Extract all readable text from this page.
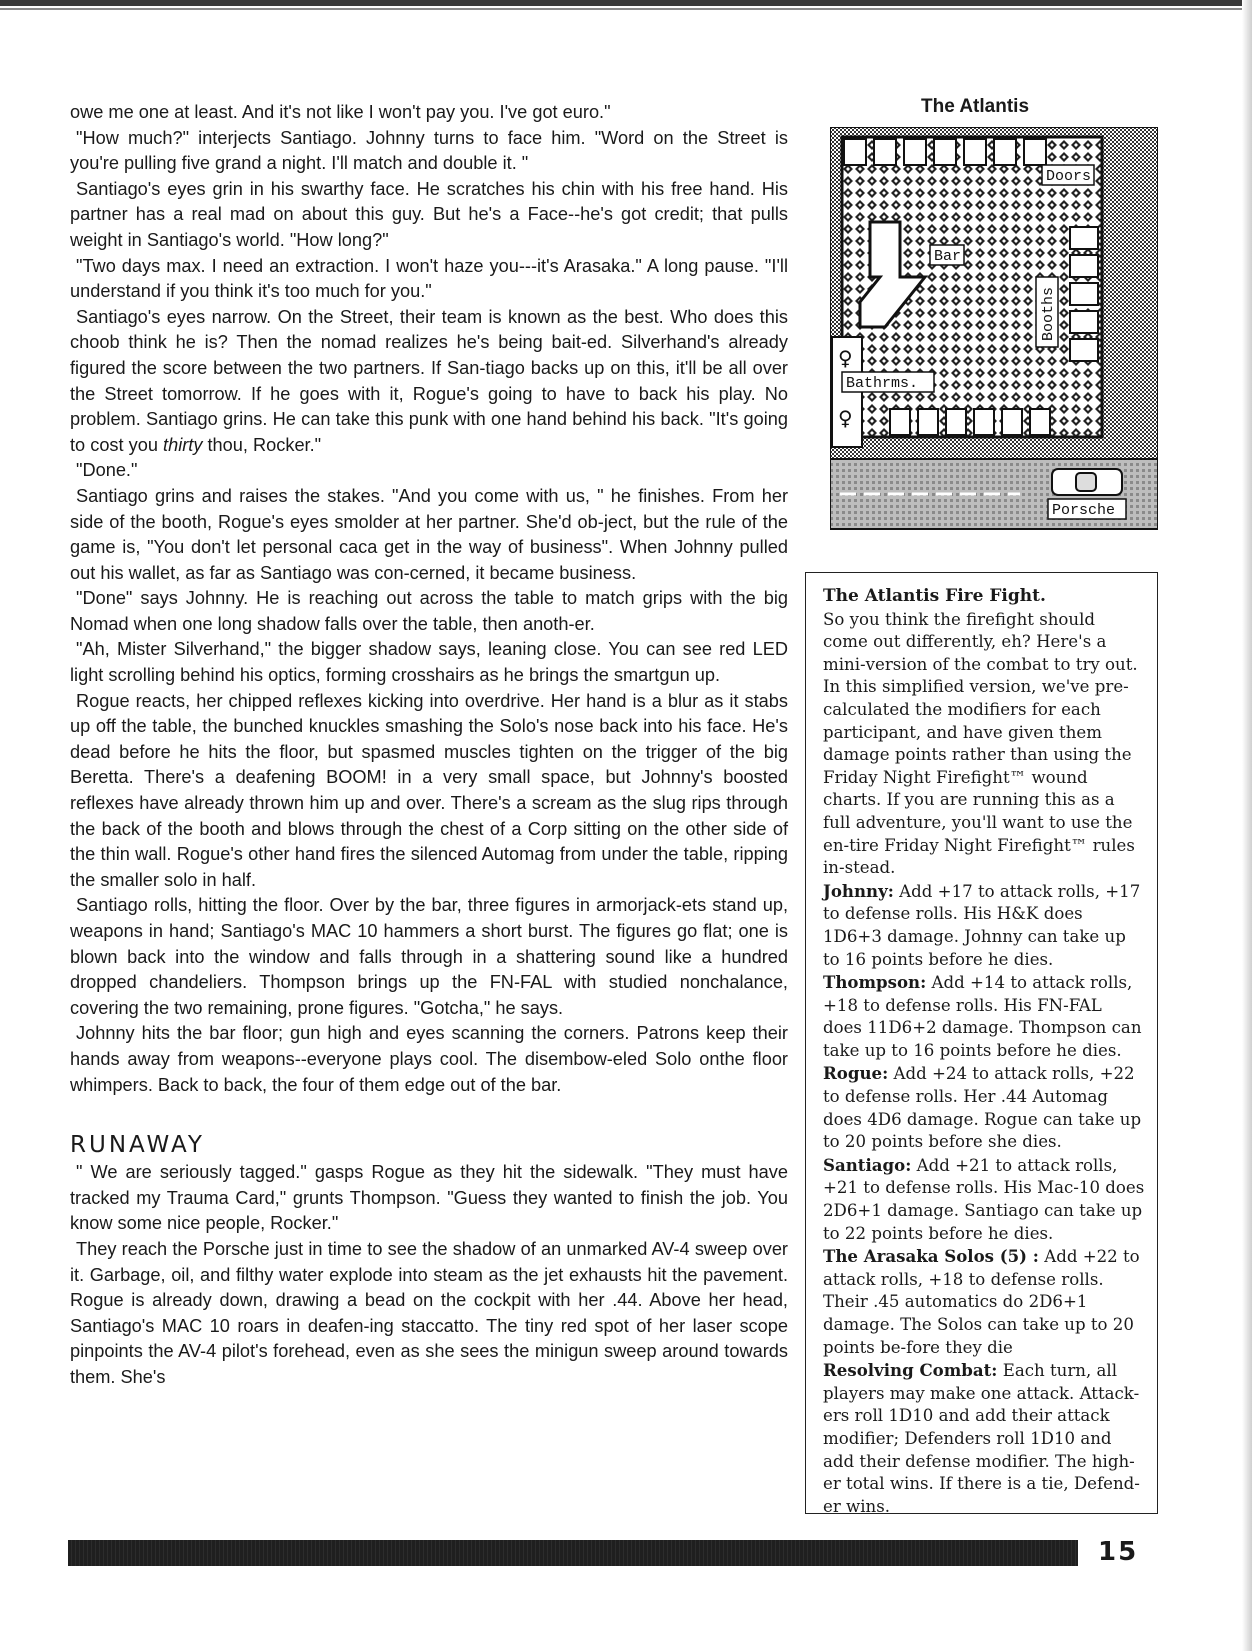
owe me one at least. And it's not like I won't pay you. I've got euro."

"How much?" interjects Santiago. Johnny turns to face him. "Word on the Street is you're pulling five grand a night. I'll match and double it. "

Santiago's eyes grin in his swarthy face. He scratches his chin with his free hand. His partner has a real mad on about this guy. But he's a Face--he's got credit; that pulls weight in Santiago's world. "How long?"

"Two days max. I need an extraction. I won't haze you---it's Arasaka." A long pause. "I'll understand if you think it's too much for you."

Santiago's eyes narrow. On the Street, their team is known as the best. Who does this choob think he is? Then the nomad realizes he's being bait-ed. Silverhand's already figured the score between the two partners. If San-tiago backs up on this, it'll be all over the Street tomorrow. If he goes with it, Rogue's going to have to back his play. No problem. Santiago grins. He can take this punk with one hand behind his back. "It's going to cost you thirty thou, Rocker."

"Done."

Santiago grins and raises the stakes. "And you come with us, " he finishes. From her side of the booth, Rogue's eyes smolder at her partner. She'd ob-ject, but the rule of the game is, "You don't let personal caca get in the way of business". When Johnny pulled out his wallet, as far as Santiago was con-cerned, it became business.

"Done" says Johnny. He is reaching out across the table to match grips with the big Nomad when one long shadow falls over the table, then anoth-er.

"Ah, Mister Silverhand," the bigger shadow says, leaning close. You can see red LED light scrolling behind his optics, forming crosshairs as he brings the smartgun up.

Rogue reacts, her chipped reflexes kicking into overdrive. Her hand is a blur as it stabs up off the table, the bunched knuckles smashing the Solo's nose back into his face. He's dead before he hits the floor, but spasmed muscles tighten on the trigger of the big Beretta. There's a deafening BOOM! in a very small space, but Johnny's boosted reflexes have already thrown him up and over. There's a scream as the slug rips through the back of the booth and blows through the chest of a Corp sitting on the other side of the thin wall. Rogue's other hand fires the silenced Automag from under the table, ripping the smaller solo in half.

Santiago rolls, hitting the floor. Over by the bar, three figures in armorjack-ets stand up, weapons in hand; Santiago's MAC 10 hammers a short burst. The figures go flat; one is blown back into the window and falls through in a shattering sound like a hundred dropped chandeliers. Thompson brings up the FN-FAL with studied nonchalance, covering the two remaining, prone figures. "Gotcha," he says.

Johnny hits the bar floor; gun high and eyes scanning the corners. Patrons keep their hands away from weapons--everyone plays cool. The disembow-eled Solo onthe floor whimpers. Back to back, the four of them edge out of the bar.

RUNAWAY

" We are seriously tagged." gasps Rogue as they hit the sidewalk. "They must have tracked my Trauma Card," grunts Thompson. "Guess they wanted to finish the job. You know some nice people, Rocker."

They reach the Porsche just in time to see the shadow of an unmarked AV-4 sweep over it. Garbage, oil, and filthy water explode into steam as the jet exhausts hit the pavement. Rogue is already down, drawing a bead on the cockpit with her .44. Above her head, Santiago's MAC 10 roars in deafen-ing staccatto. The tiny red spot of her laser scope pinpoints the AV-4 pilot's forehead, even as she sees the minigun sweep around towards them. She's

The Atlantis
Doors
Bar
Booths
Bathrms.
Porsche
♀
♀

The Atlantis Fire Fight.

So you think the firefight should come out differently, eh? Here's a mini-version of the combat to try out. In this simplified version, we've pre-calculated the modifiers for each participant, and have given them damage points rather than using the Friday Night Firefight™ wound charts. If you are running this as a full adventure, you'll want to use the en-tire Friday Night Firefight™ rules in-stead.

Johnny: Add +17 to attack rolls, +17 to defense rolls. His H&K does 1D6+3 damage. Johnny can take up to 16 points before he dies.

Thompson: Add +14 to attack rolls, +18 to defense rolls. His FN-FAL does 11D6+2 damage. Thompson can take up to 16 points before he dies.

Rogue: Add +24 to attack rolls, +22 to defense rolls. Her .44 Automag does 4D6 damage. Rogue can take up to 20 points before she dies.

Santiago: Add +21 to attack rolls, +21 to defense rolls. His Mac-10 does 2D6+1 damage. Santiago can take up to 22 points before he dies.

The Arasaka Solos (5) : Add +22 to attack rolls, +18 to defense rolls. Their .45 automatics do 2D6+1 damage. The Solos can take up to 20 points be-fore they die

Resolving Combat: Each turn, all players may make one attack. Attack-ers roll 1D10 and add their attack modifier; Defenders roll 1D10 and add their defense modifier. The high-er total wins. If there is a tie, Defend-er wins.

15
